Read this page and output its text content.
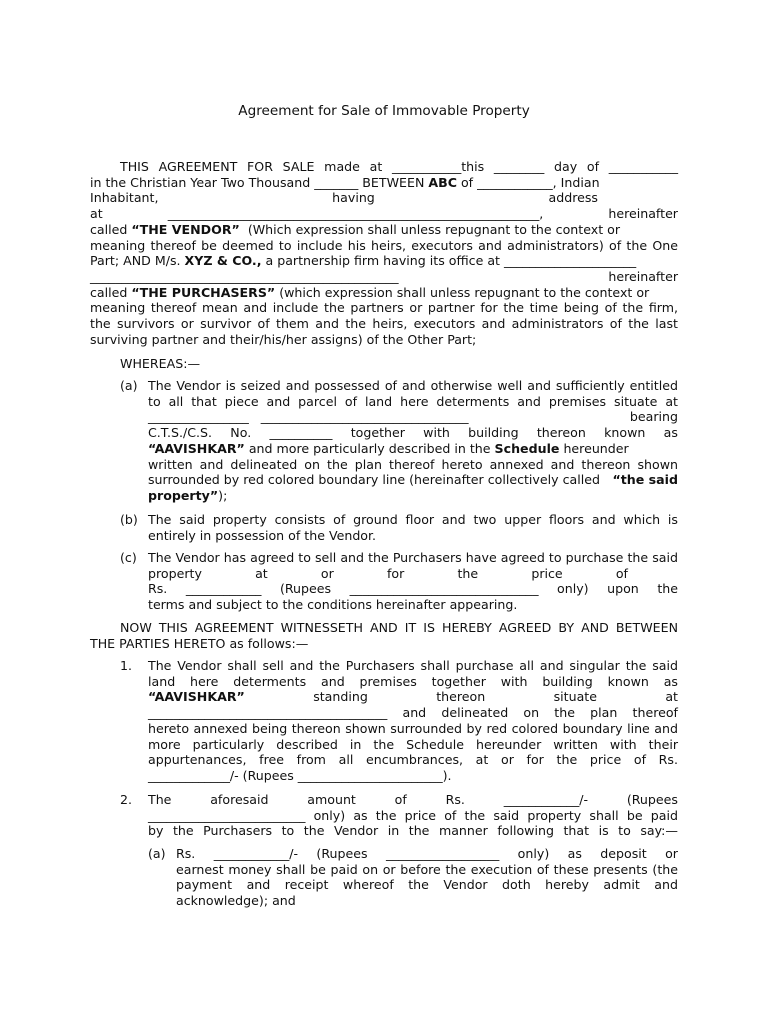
Agreement for Sale of Immovable Property
THIS AGREEMENT FOR SALE made at ___________this ________ day of ___________
in the Christian Year Two Thousand _______ BETWEEN ABC of ____________, Indian
Inhabitant,	having	address
at ___________________________________________________________, hereinafter
called “THE VENDOR”  (Which expression shall unless repugnant to the context or
meaning thereof be deemed to include his heirs, executors and administrators) of the One
Part; AND M/s. XYZ & CO., a partnership firm having its office at _____________________
_________________________________________________	hereinafter
called “THE PURCHASERS” (which expression shall unless repugnant to the context or
meaning thereof mean and include the partners or partner for the time being of the firm,
the survivors or survivor of them and the heirs, executors and administrators of the last
surviving partner and their/his/her assigns) of the Other Part;
WHEREAS:—
(a) The Vendor is seized and possessed of and otherwise well and sufficiently entitled
to all that piece and parcel of land here determents and premises situate at
________________   _________________________________	bearing
C.T.S./C.S. No. __________ together with building thereon known as
“AAVISHKAR” and more particularly described in the Schedule hereunder
written and delineated on the plan thereof hereto annexed and thereon shown
surrounded by red colored boundary line (hereinafter collectively called “the said
property”);
(b) The said property consists of ground floor and two upper floors and which is
entirely in possession of the Vendor.
(c) The Vendor has agreed to sell and the Purchasers have agreed to purchase the said
property	at	or	for	the	price	of
Rs. ____________ (Rupees ______________________________ only) upon the
terms and subject to the conditions hereinafter appearing.
NOW THIS AGREEMENT WITNESSETH AND IT IS HEREBY AGREED BY AND BETWEEN
THE PARTIES HERETO as follows:—
1. The Vendor shall sell and the Purchasers shall purchase all and singular the said
land here determents and premises together with building known as
“AAVISHKAR”	standing	thereon	situate	at
______________________________________ and delineated on the plan thereof
hereto annexed being thereon shown surrounded by red colored boundary line and
more particularly described in the Schedule hereunder written with their
appurtenances, free from all encumbrances, at or for the price of Rs.
_____________/- (Rupees _______________________).
2. The	aforesaid	amount	of	Rs.	____________/-	(Rupees
_________________________ only) as the price of the said property shall be paid
by the Purchasers to the Vendor in the manner following that is to say:—
(a) Rs. ____________/- (Rupees __________________ only) as deposit or
earnest money shall be paid on or before the execution of these presents (the
payment and receipt whereof the Vendor doth hereby admit and
acknowledge); and
